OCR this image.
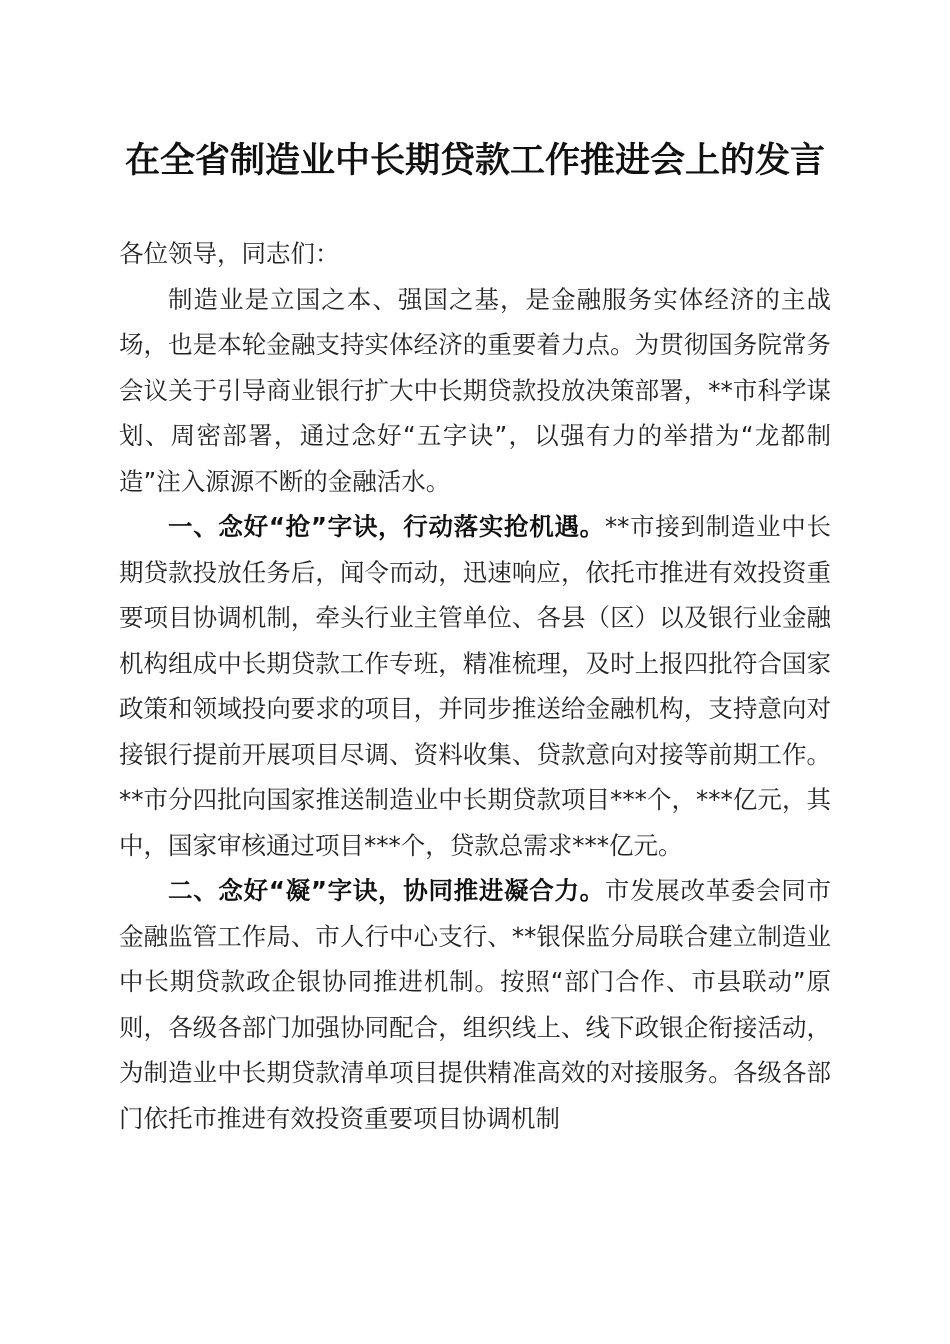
在全省制造业中长期贷款工作推进会上的发言

各位领导，同志们：

制造业是立国之本、强国之基，是金融服务实体经济的主战场，也是本轮金融支持实体经济的重要着力点。为贯彻国务院常务会议关于引导商业银行扩大中长期贷款投放决策部署，**市科学谋划、周密部署，通过念好“五字诀”，以强有力的举措为“龙都制造”注入源源不断的金融活水。

一、念好“抢”字诀，行动落实抢机遇。**市接到制造业中长期贷款投放任务后，闻令而动，迅速响应，依托市推进有效投资重要项目协调机制，牵头行业主管单位、各县（区）以及银行业金融机构组成中长期贷款工作专班，精准梳理，及时上报四批符合国家政策和领域投向要求的项目，并同步推送给金融机构，支持意向对接银行提前开展项目尽调、资料收集、贷款意向对接等前期工作。**市分四批向国家推送制造业中长期贷款项目***个，***亿元，其中，国家审核通过项目***个，贷款总需求***亿元。

二、念好“凝”字诀，协同推进凝合力。市发展改革委会同市金融监管工作局、市人行中心支行、**银保监分局联合建立制造业中长期贷款政企银协同推进机制。按照“部门合作、市县联动”原则，各级各部门加强协同配合，组织线上、线下政银企衔接活动，为制造业中长期贷款清单项目提供精准高效的对接服务。各级各部门依托市推进有效投资重要项目协调机制
